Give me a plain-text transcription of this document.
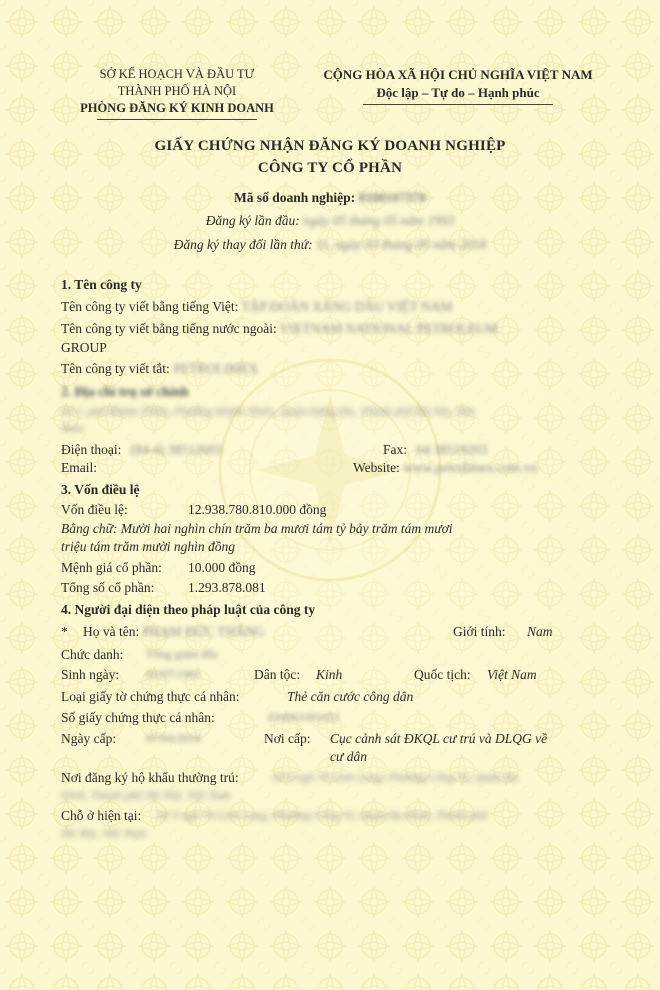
SỞ KẾ HOẠCH VÀ ĐẦU TƯ
THÀNH PHỐ HÀ NỘI
PHÒNG ĐĂNG KÝ KINH DOANH
CỘNG HÒA XÃ HỘI CHỦ NGHĨA VIỆT NAM
Độc lập – Tự do – Hạnh phúc
GIẤY CHỨNG NHẬN ĐĂNG KÝ DOANH NGHIỆP
CÔNG TY CỔ PHẦN
Mã số doanh nghiệp: 0100107370
Đăng ký lần đầu: ngày 05 tháng 05 năm 1993
Đăng ký thay đổi lần thứ: 11, ngày 03 tháng 05 năm 2018
1. Tên công ty
Tên công ty viết bằng tiếng Việt: TẬP ĐOÀN XĂNG DẦU VIỆT NAM
Tên công ty viết bằng tiếng nước ngoài: VIETNAM NATIONAL PETROLEUM
GROUP
Tên công ty viết tắt: PETROLIMEX
2. Địa chỉ trụ sở chính
Số 1, phố Khâm Thiên, Phường Khâm Thiên, Quận Đống Đa, Thành phố Hà Nội, Việt
Nam
Điện thoại: (84-4) 38512603	Fax: 04 38519203
Email:	Website: www.petrolimex.com.vn
3. Vốn điều lệ
Vốn điều lệ:	12.938.780.810.000 đồng
Bằng chữ: Mười hai nghìn chín trăm ba mươi tám tỷ bảy trăm tám mươi
triệu tám trăm mười nghìn đồng
Mệnh giá cổ phần: 10.000 đồng
Tổng số cổ phần: 1.293.878.081
4. Người đại diện theo pháp luật của công ty
* Họ và tên: PHẠM ĐỨC THẮNG	Giới tính: Nam
Chức danh: Tổng giám đốc
Sinh ngày: 03/07/1961	Dân tộc: Kinh	Quốc tịch: Việt Nam
Loại giấy tờ chứng thực cá nhân:	Thẻ căn cước công dân
Số giấy chứng thực cá nhân:	034061001651
Ngày cấp: 07/04/2016	Nơi cấp: Cục cảnh sát ĐKQL cư trú và DLQG về
cư dân
Nơi đăng ký hộ khẩu thường trú:	Số 9 ngõ 70 Linh Lang, Phường Cống Vị, Quận Ba
Đình, Thành phố Hà Nội, Việt Nam
Chỗ ở hiện tại: Số 9 ngõ 70 Linh Lang, Phường Cống Vị, Quận Ba Đình, Thành phố
Hà Nội, Việt Nam
